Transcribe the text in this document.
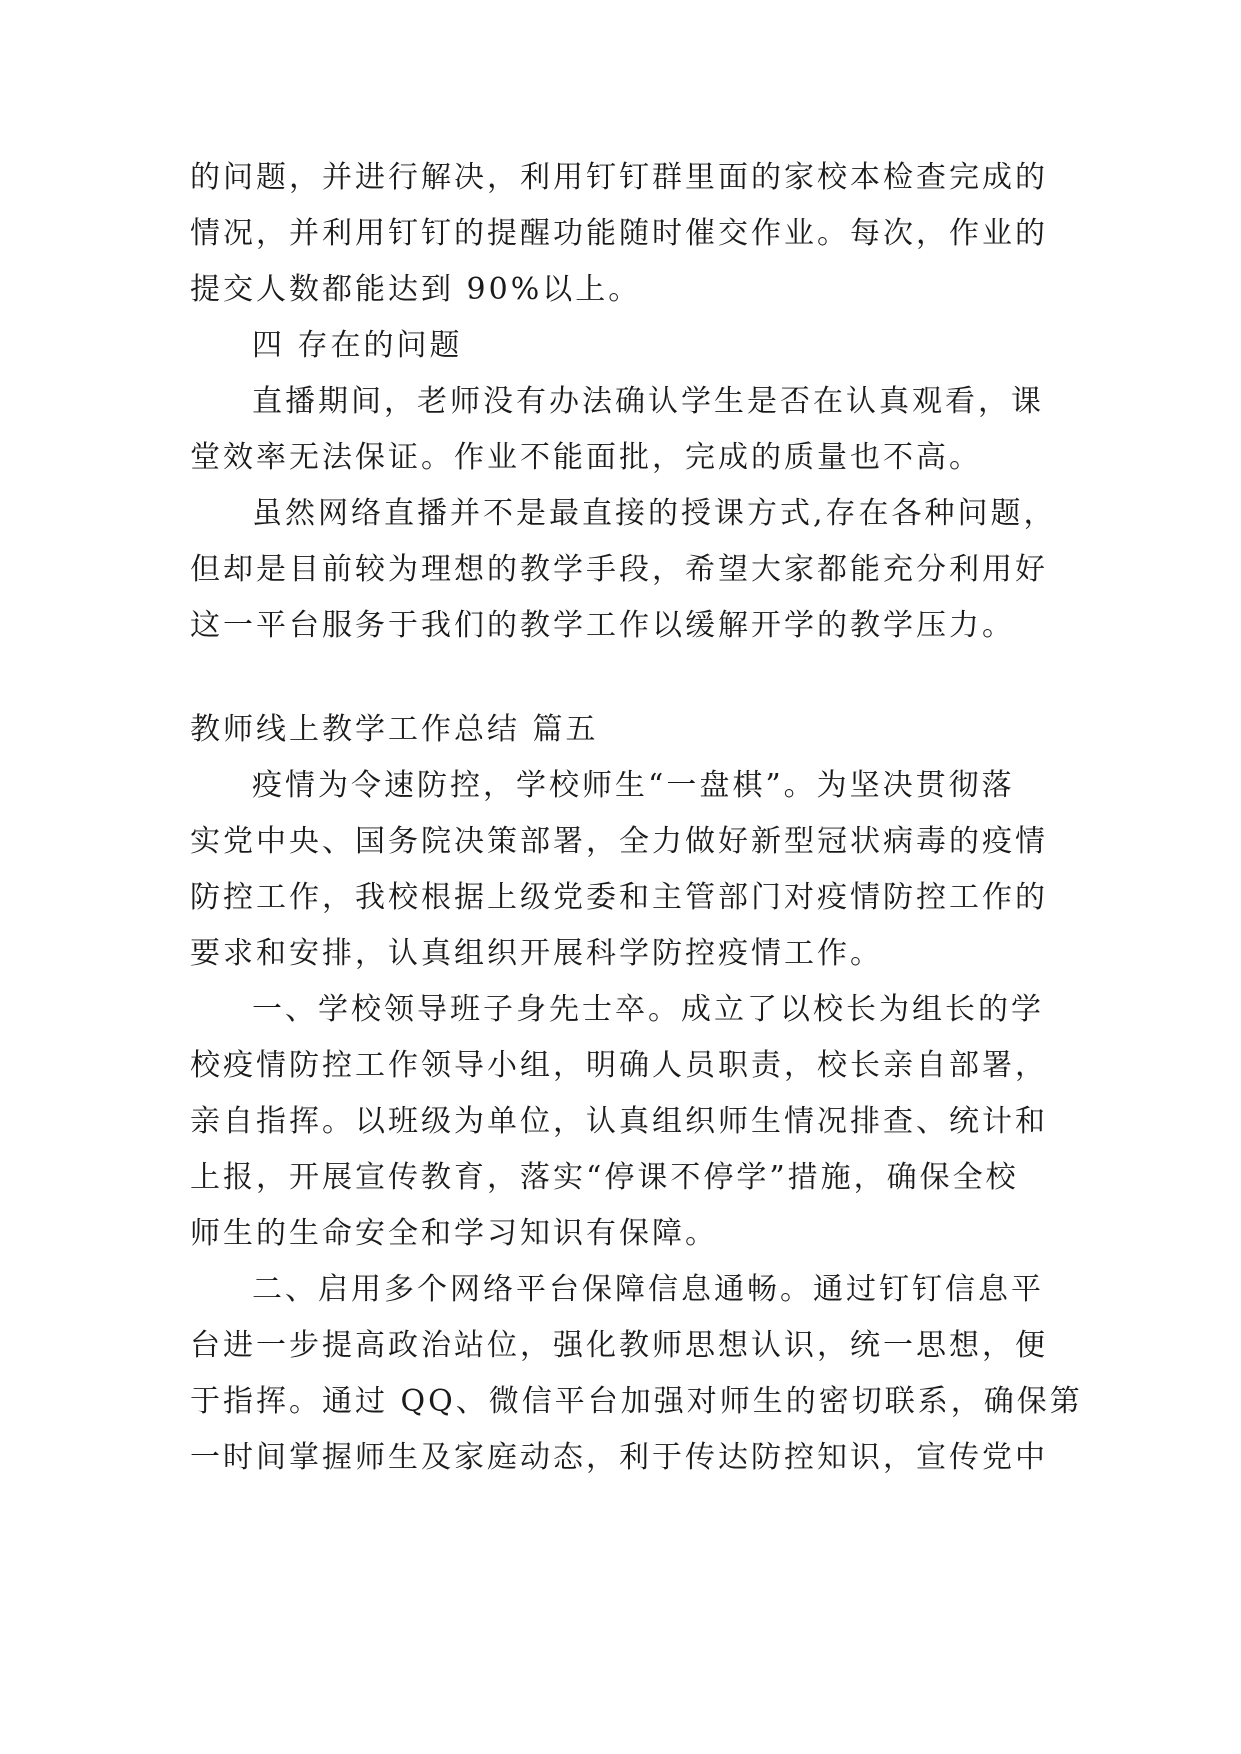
的问题，并进行解决，利用钉钉群里面的家校本检查完成的
情况，并利用钉钉的提醒功能随时催交作业。每次，作业的
提交人数都能达到 90%以上。
四 存在的问题
直播期间，老师没有办法确认学生是否在认真观看，课
堂效率无法保证。作业不能面批，完成的质量也不高。
虽然网络直播并不是最直接的授课方式,存在各种问题，
但却是目前较为理想的教学手段，希望大家都能充分利用好
这一平台服务于我们的教学工作以缓解开学的教学压力。
教师线上教学工作总结 篇五
疫情为令速防控，学校师生“一盘棋”。为坚决贯彻落
实党中央、国务院决策部署，全力做好新型冠状病毒的疫情
防控工作，我校根据上级党委和主管部门对疫情防控工作的
要求和安排，认真组织开展科学防控疫情工作。
一、学校领导班子身先士卒。成立了以校长为组长的学
校疫情防控工作领导小组，明确人员职责，校长亲自部署，
亲自指挥。以班级为单位，认真组织师生情况排查、统计和
上报，开展宣传教育，落实“停课不停学”措施，确保全校
师生的生命安全和学习知识有保障。
二、启用多个网络平台保障信息通畅。通过钉钉信息平
台进一步提高政治站位，强化教师思想认识，统一思想，便
于指挥。通过 QQ、微信平台加强对师生的密切联系，确保第
一时间掌握师生及家庭动态，利于传达防控知识，宣传党中
